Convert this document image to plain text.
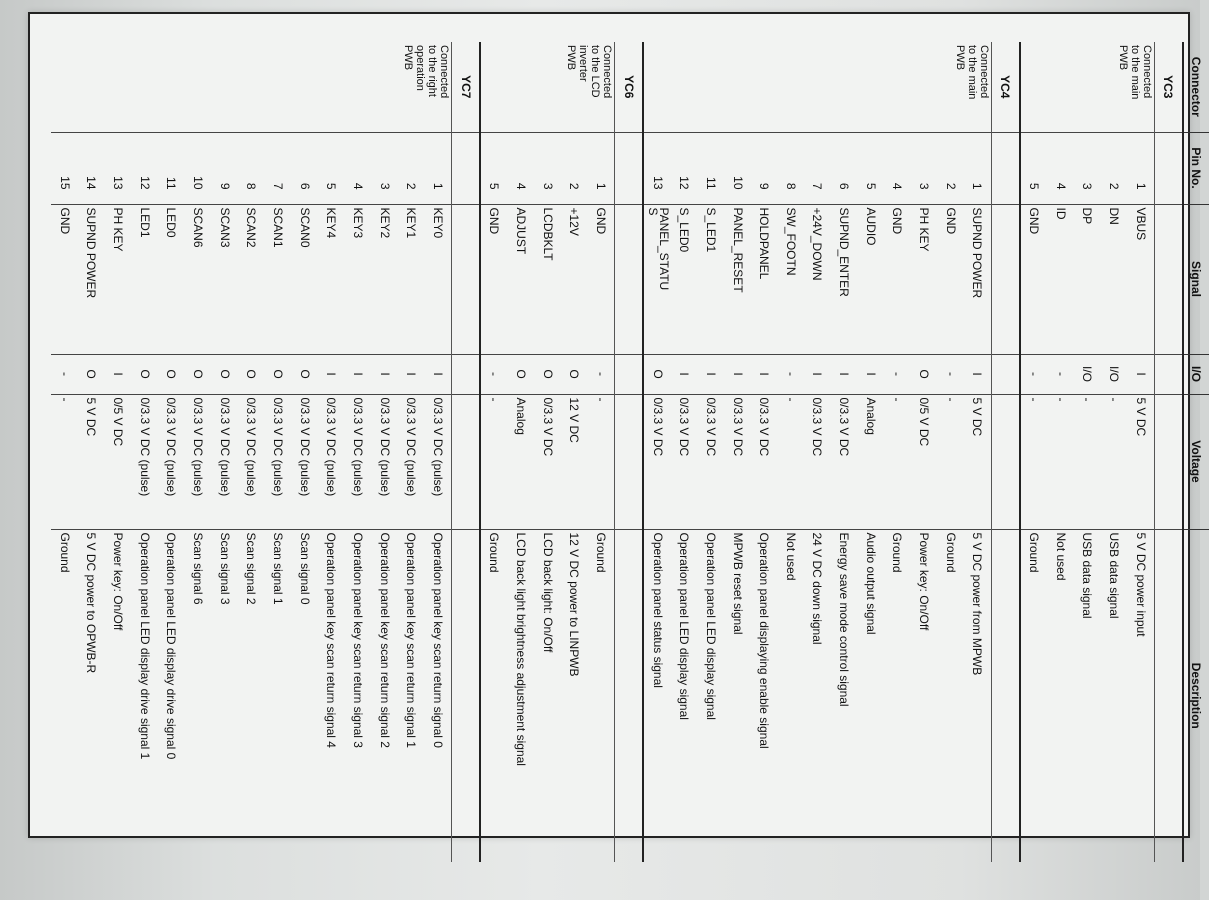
Connector	Pin No.	Signal	I/O	Voltage	Description
YC3					
Connected
to the main
PWB	1	VBUS	I	5 V DC	5 V DC power input
	2	DN	I/O	-	USB data signal
	3	DP	I/O	-	USB data signal
	4	ID	-	-	Not used
	5	GND	-	-	Ground
YC4					
Connected
to the main
PWB	1	SUPND POWER	I	5 V DC	5 V DC power from MPWB
	2	GND	-	-	Ground
	3	PH KEY	O	0/5 V DC	Power key: On/Off
	4	GND	-	-	Ground
	5	AUDIO	I	Analog	Audio output signal
	6	SUPND_ENTER	I	0/3.3 V DC	Energy save mode control signal
	7	+24V_DOWN	I	0/3.3 V DC	24 V DC down signal
	8	SW_FOOTN	-	-	Not used
	9	HOLDPANEL	I	0/3.3 V DC	Operation panel displaying enable signal
	10	PANEL_RESET	I	0/3.3 V DC	MPWB reset signal
	11	S_LED1	I	0/3.3 V DC	Operation panel LED display signal
	12	S_LED0	I	0/3.3 V DC	Operation panel LED display signal
	13	PANEL_STATU
S	O	0/3.3 V DC	Operation panel status signal
YC6					
Connected
to the LCD
inverter
PWB	1	GND	-	-	Ground
	2	+12V	O	12 V DC	12 V DC power to LINPWB
	3	LCDBKLT	O	0/3.3 V DC	LCD back light: On/Off
	4	ADJUST	O	Analog	LCD back light brightness adjustment signal
	5	GND	-	-	Ground
YC7					
Connected
to the right
operation
PWB	1	KEY0	I	0/3.3 V DC (pulse)	Operation panel key scan return signal 0
	2	KEY1	I	0/3.3 V DC (pulse)	Operation panel key scan return signal 1
	3	KEY2	I	0/3.3 V DC (pulse)	Operation panel key scan return signal 2
	4	KEY3	I	0/3.3 V DC (pulse)	Operation panel key scan return signal 3
	5	KEY4	I	0/3.3 V DC (pulse)	Operation panel key scan return signal 4
	6	SCAN0	O	0/3.3 V DC (pulse)	Scan signal 0
	7	SCAN1	O	0/3.3 V DC (pulse)	Scan signal 1
	8	SCAN2	O	0/3.3 V DC (pulse)	Scan signal 2
	9	SCAN3	O	0/3.3 V DC (pulse)	Scan signal 3
	10	SCAN6	O	0/3.3 V DC (pulse)	Scan signal 6
	11	LED0	O	0/3.3 V DC (pulse)	Operation panel LED display drive signal 0
	12	LED1	O	0/3.3 V DC (pulse)	Operation panel LED display drive signal 1
	13	PH KEY	I	0/5 V DC	Power key: On/Off
	14	SUPND POWER	O	5 V DC	5 V DC power to OPWB-R
	15	GND	-	-	Ground
